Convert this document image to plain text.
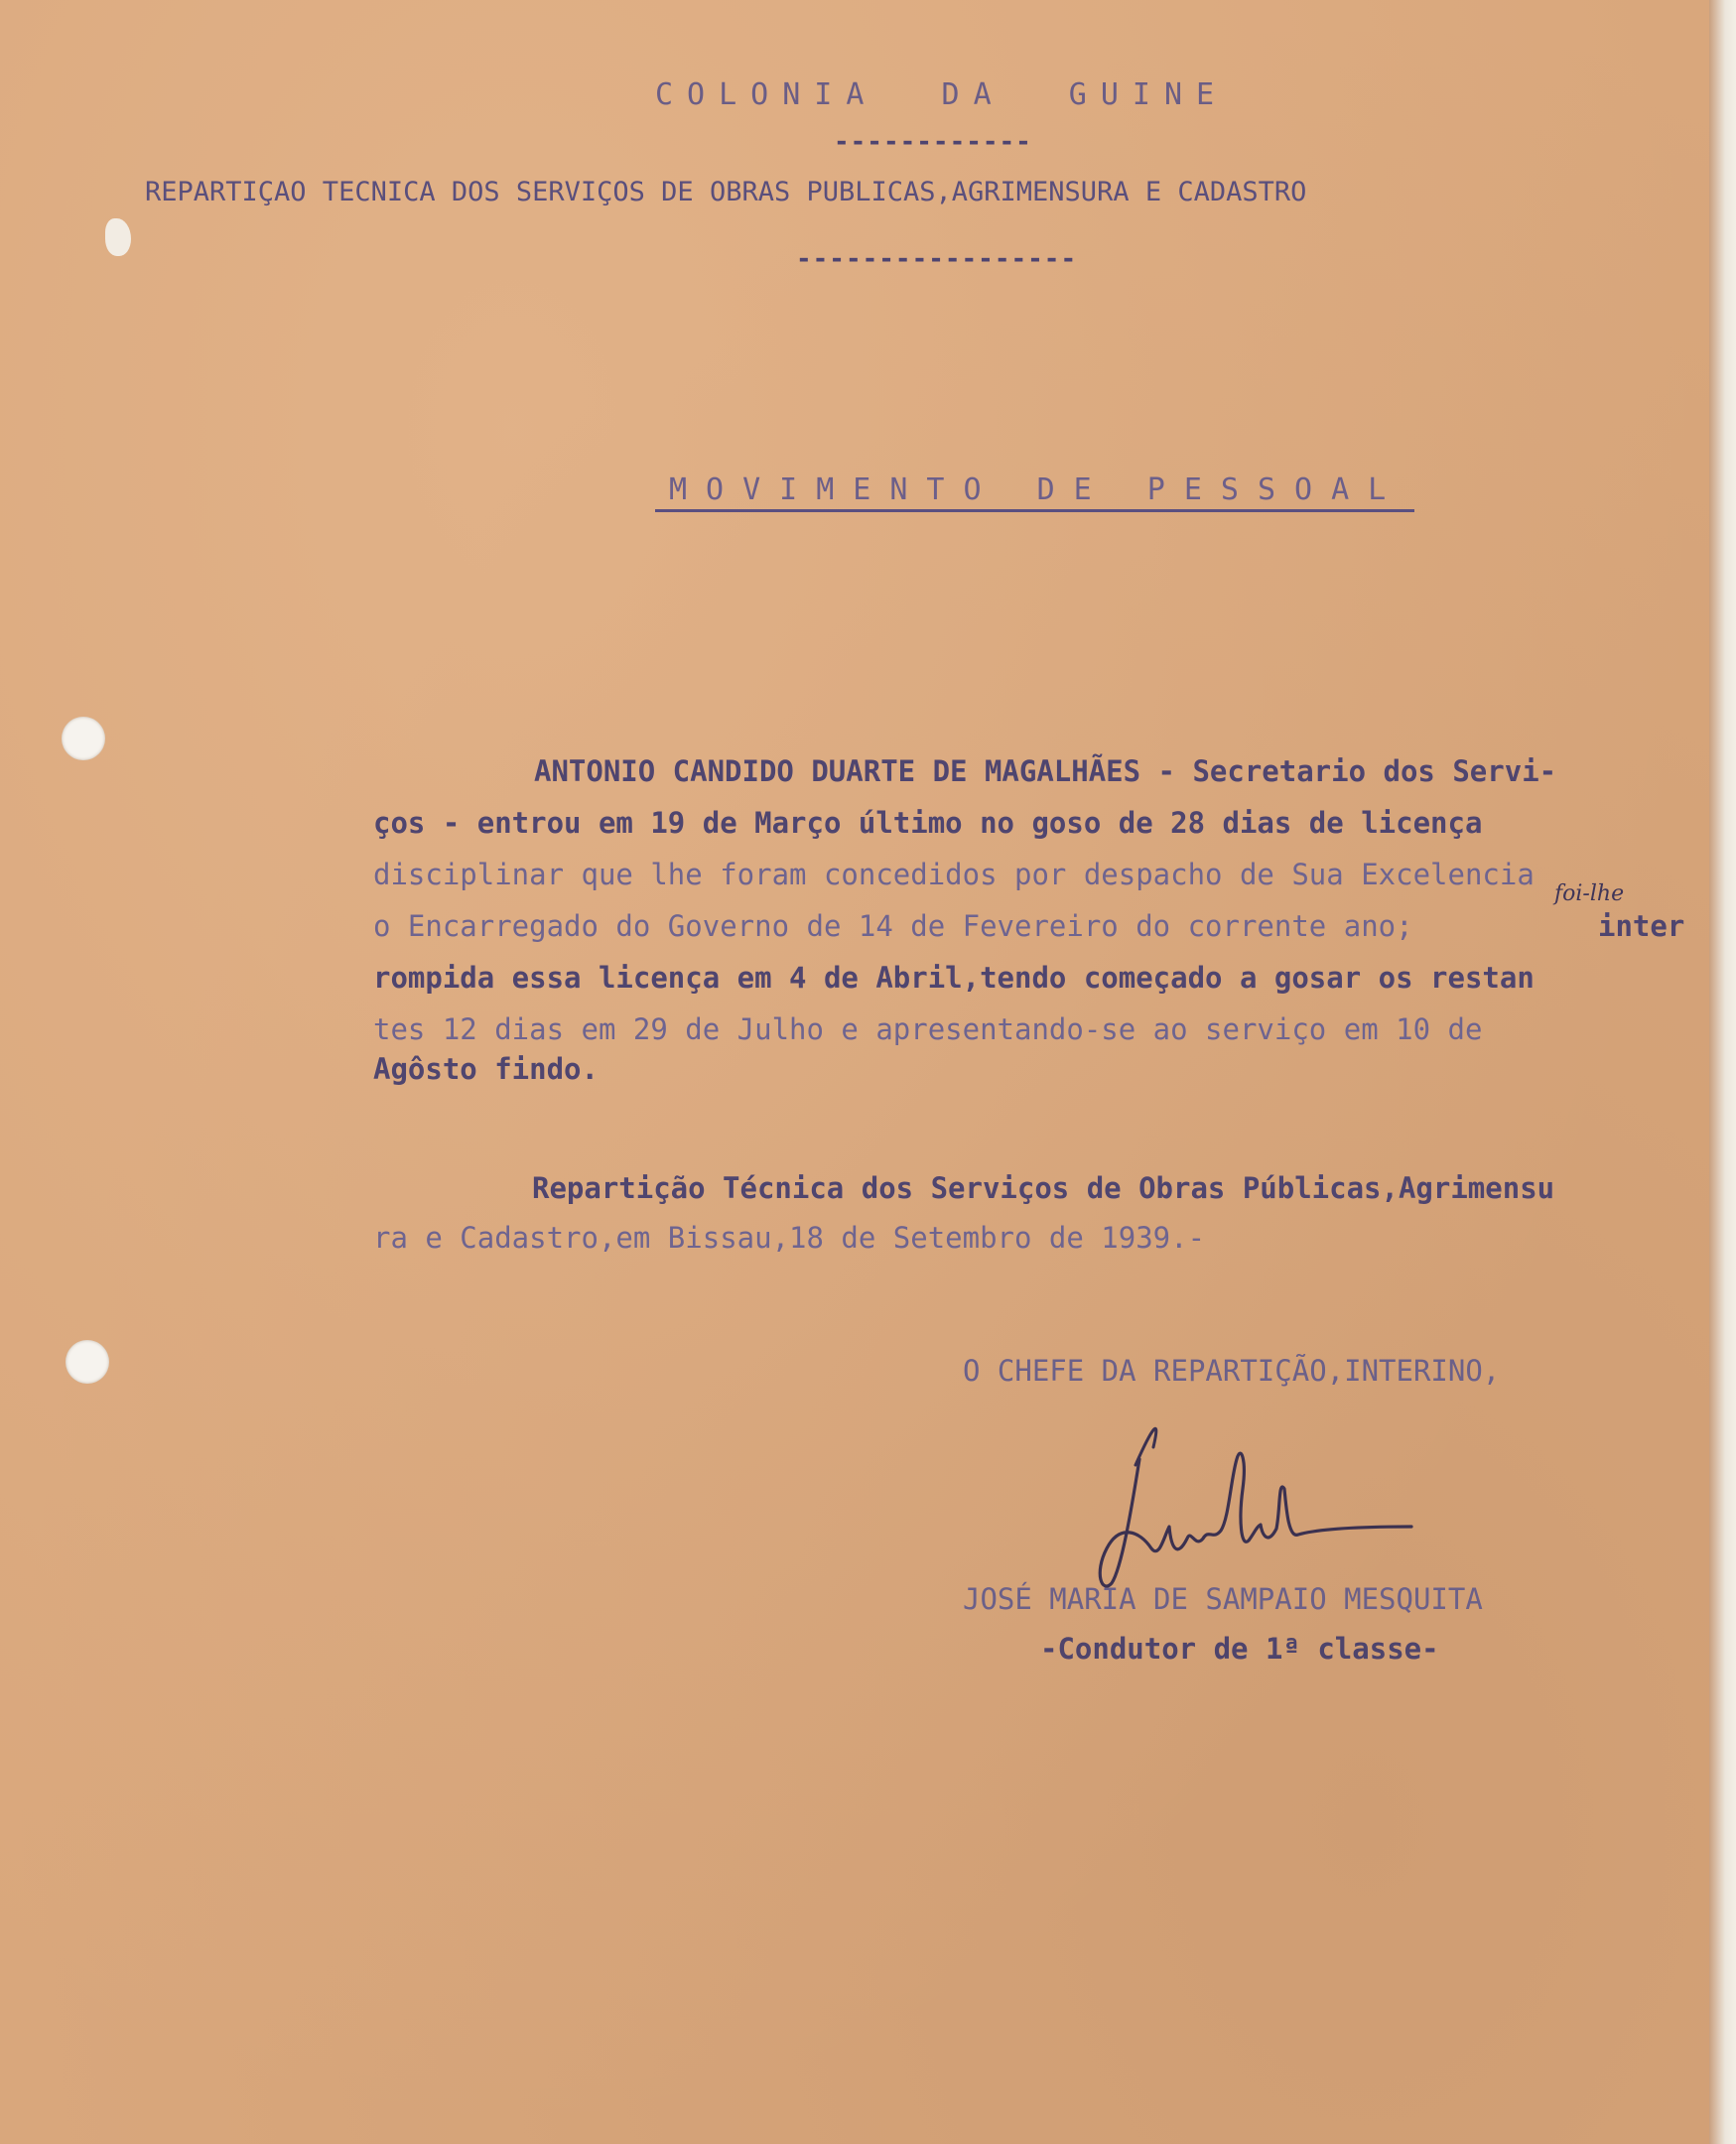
COLONIA  DA  GUINE

------------

REPARTIÇAO TECNICA DOS SERVIÇOS DE OBRAS PUBLICAS,AGRIMENSURA E CADASTRO

-----------------

MOVIMENTO DE PESSOAL

ANTONIO CANDIDO DUARTE DE MAGALHÃES - Secretario dos Servi-

ços - entrou em 19 de Março último no goso de 28 dias de licença

disciplinar que lhe foram concedidos por despacho de Sua Excelencia

o Encarregado do Governo de 14 de Fevereiro do corrente ano;

foi-lhe

inter

rompida essa licença em 4 de Abril,tendo começado a gosar os restan

tes 12 dias em 29 de Julho e apresentando-se ao serviço em 10 de

Agôsto findo.

Repartição Técnica dos Serviços de Obras Públicas,Agrimensu

ra e Cadastro,em Bissau,18 de Setembro de 1939.-

O CHEFE DA REPARTIÇÃO,INTERINO,

JOSÉ MARIA DE SAMPAIO MESQUITA

-Condutor de 1ª classe-
